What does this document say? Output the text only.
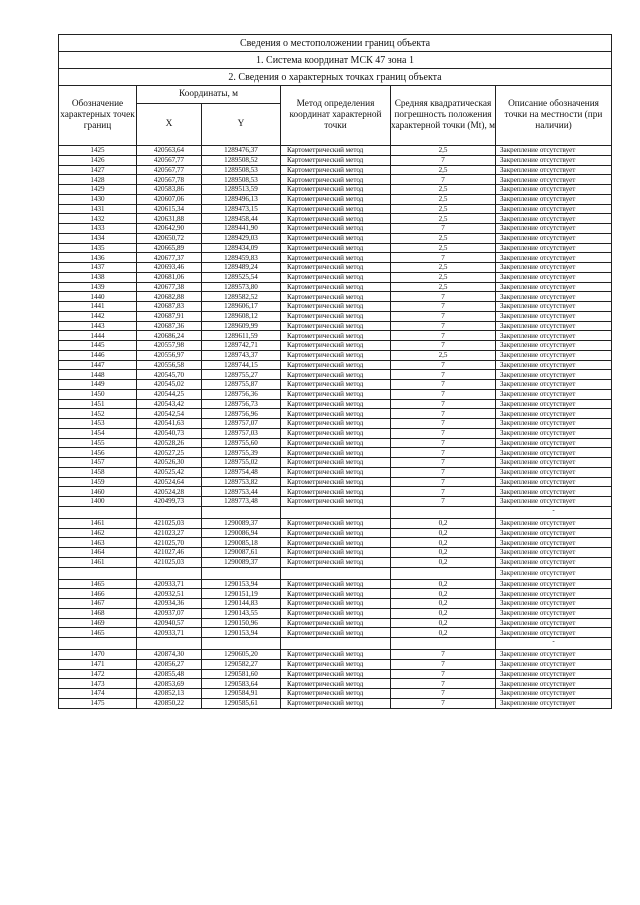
Сведения о местоположении границ объекта					
1. Система координат МСК 47 зона 1					
2. Сведения о характерных точках границ объекта					
Обозначение характерных точек границ	Координаты, м		Метод определения координат характерной точки	Средняя квадратическая погрешность положения характерной точки (Mt), м	Описание обозначения точки на местности (при наличии)
	X	Y			
1425	420563,64	1289476,37	Картометрический метод	2,5	Закрепление отсутствует
1426	420567,77	1289508,52	Картометрический метод	7	Закрепление отсутствует
1427	420567,77	1289508,53	Картометрический метод	2,5	Закрепление отсутствует
1428	420567,78	1289508,53	Картометрический метод	7	Закрепление отсутствует
1429	420583,86	1289513,59	Картометрический метод	2,5	Закрепление отсутствует
1430	420607,06	1289496,13	Картометрический метод	2,5	Закрепление отсутствует
1431	420615,34	1289473,15	Картометрический метод	2,5	Закрепление отсутствует
1432	420631,88	1289458,44	Картометрический метод	2,5	Закрепление отсутствует
1433	420642,90	1289441,90	Картометрический метод	7	Закрепление отсутствует
1434	420650,72	1289429,03	Картометрический метод	2,5	Закрепление отсутствует
1435	420665,89	1289434,09	Картометрический метод	2,5	Закрепление отсутствует
1436	420677,37	1289459,83	Картометрический метод	7	Закрепление отсутствует
1437	420693,46	1289489,24	Картометрический метод	2,5	Закрепление отсутствует
1438	420681,06	1289525,54	Картометрический метод	2,5	Закрепление отсутствует
1439	420677,38	1289573,80	Картометрический метод	2,5	Закрепление отсутствует
1440	420682,88	1289582,52	Картометрический метод	7	Закрепление отсутствует
1441	420687,83	1289606,17	Картометрический метод	7	Закрепление отсутствует
1442	420687,91	1289608,12	Картометрический метод	7	Закрепление отсутствует
1443	420687,36	1289609,99	Картометрический метод	7	Закрепление отсутствует
1444	420686,24	1289611,59	Картометрический метод	7	Закрепление отсутствует
1445	420557,98	1289742,71	Картометрический метод	7	Закрепление отсутствует
1446	420556,97	1289743,37	Картометрический метод	2,5	Закрепление отсутствует
1447	420556,58	1289744,15	Картометрический метод	7	Закрепление отсутствует
1448	420545,70	1289755,27	Картометрический метод	7	Закрепление отсутствует
1449	420545,02	1289755,87	Картометрический метод	7	Закрепление отсутствует
1450	420544,25	1289756,36	Картометрический метод	7	Закрепление отсутствует
1451	420543,42	1289756,73	Картометрический метод	7	Закрепление отсутствует
1452	420542,54	1289756,96	Картометрический метод	7	Закрепление отсутствует
1453	420541,63	1289757,07	Картометрический метод	7	Закрепление отсутствует
1454	420540,73	1289757,03	Картометрический метод	7	Закрепление отсутствует
1455	420528,26	1289755,60	Картометрический метод	7	Закрепление отсутствует
1456	420527,25	1289755,39	Картометрический метод	7	Закрепление отсутствует
1457	420526,30	1289755,02	Картометрический метод	7	Закрепление отсутствует
1458	420525,42	1289754,48	Картометрический метод	7	Закрепление отсутствует
1459	420524,64	1289753,82	Картометрический метод	7	Закрепление отсутствует
1460	420524,28	1289753,44	Картометрический метод	7	Закрепление отсутствует
1400	420499,73	1289773,48	Картометрический метод	7	Закрепление отсутствует
					-
1461	421025,03	1290089,37	Картометрический метод	0,2	Закрепление отсутствует
1462	421023,27	1290086,94	Картометрический метод	0,2	Закрепление отсутствует
1463	421025,70	1290085,18	Картометрический метод	0,2	Закрепление отсутствует
1464	421027,46	1290087,61	Картометрический метод	0,2	Закрепление отсутствует
1461	421025,03	1290089,37	Картометрический метод	0,2	Закрепление отсутствует
					Закрепление отсутствует
1465	420933,71	1290153,94	Картометрический метод	0,2	Закрепление отсутствует
1466	420932,51	1290151,19	Картометрический метод	0,2	Закрепление отсутствует
1467	420934,36	1290144,83	Картометрический метод	0,2	Закрепление отсутствует
1468	420937,07	1290143,55	Картометрический метод	0,2	Закрепление отсутствует
1469	420940,57	1290150,96	Картометрический метод	0,2	Закрепление отсутствует
1465	420933,71	1290153,94	Картометрический метод	0,2	Закрепление отсутствует
					-
1470	420874,30	1290605,20	Картометрический метод	7	Закрепление отсутствует
1471	420856,27	1290582,27	Картометрический метод	7	Закрепление отсутствует
1472	420855,48	1290581,60	Картометрический метод	7	Закрепление отсутствует
1473	420853,69	1290583,64	Картометрический метод	7	Закрепление отсутствует
1474	420852,13	1290584,91	Картометрический метод	7	Закрепление отсутствует
1475	420850,22	1290585,61	Картометрический метод	7	Закрепление отсутствует
